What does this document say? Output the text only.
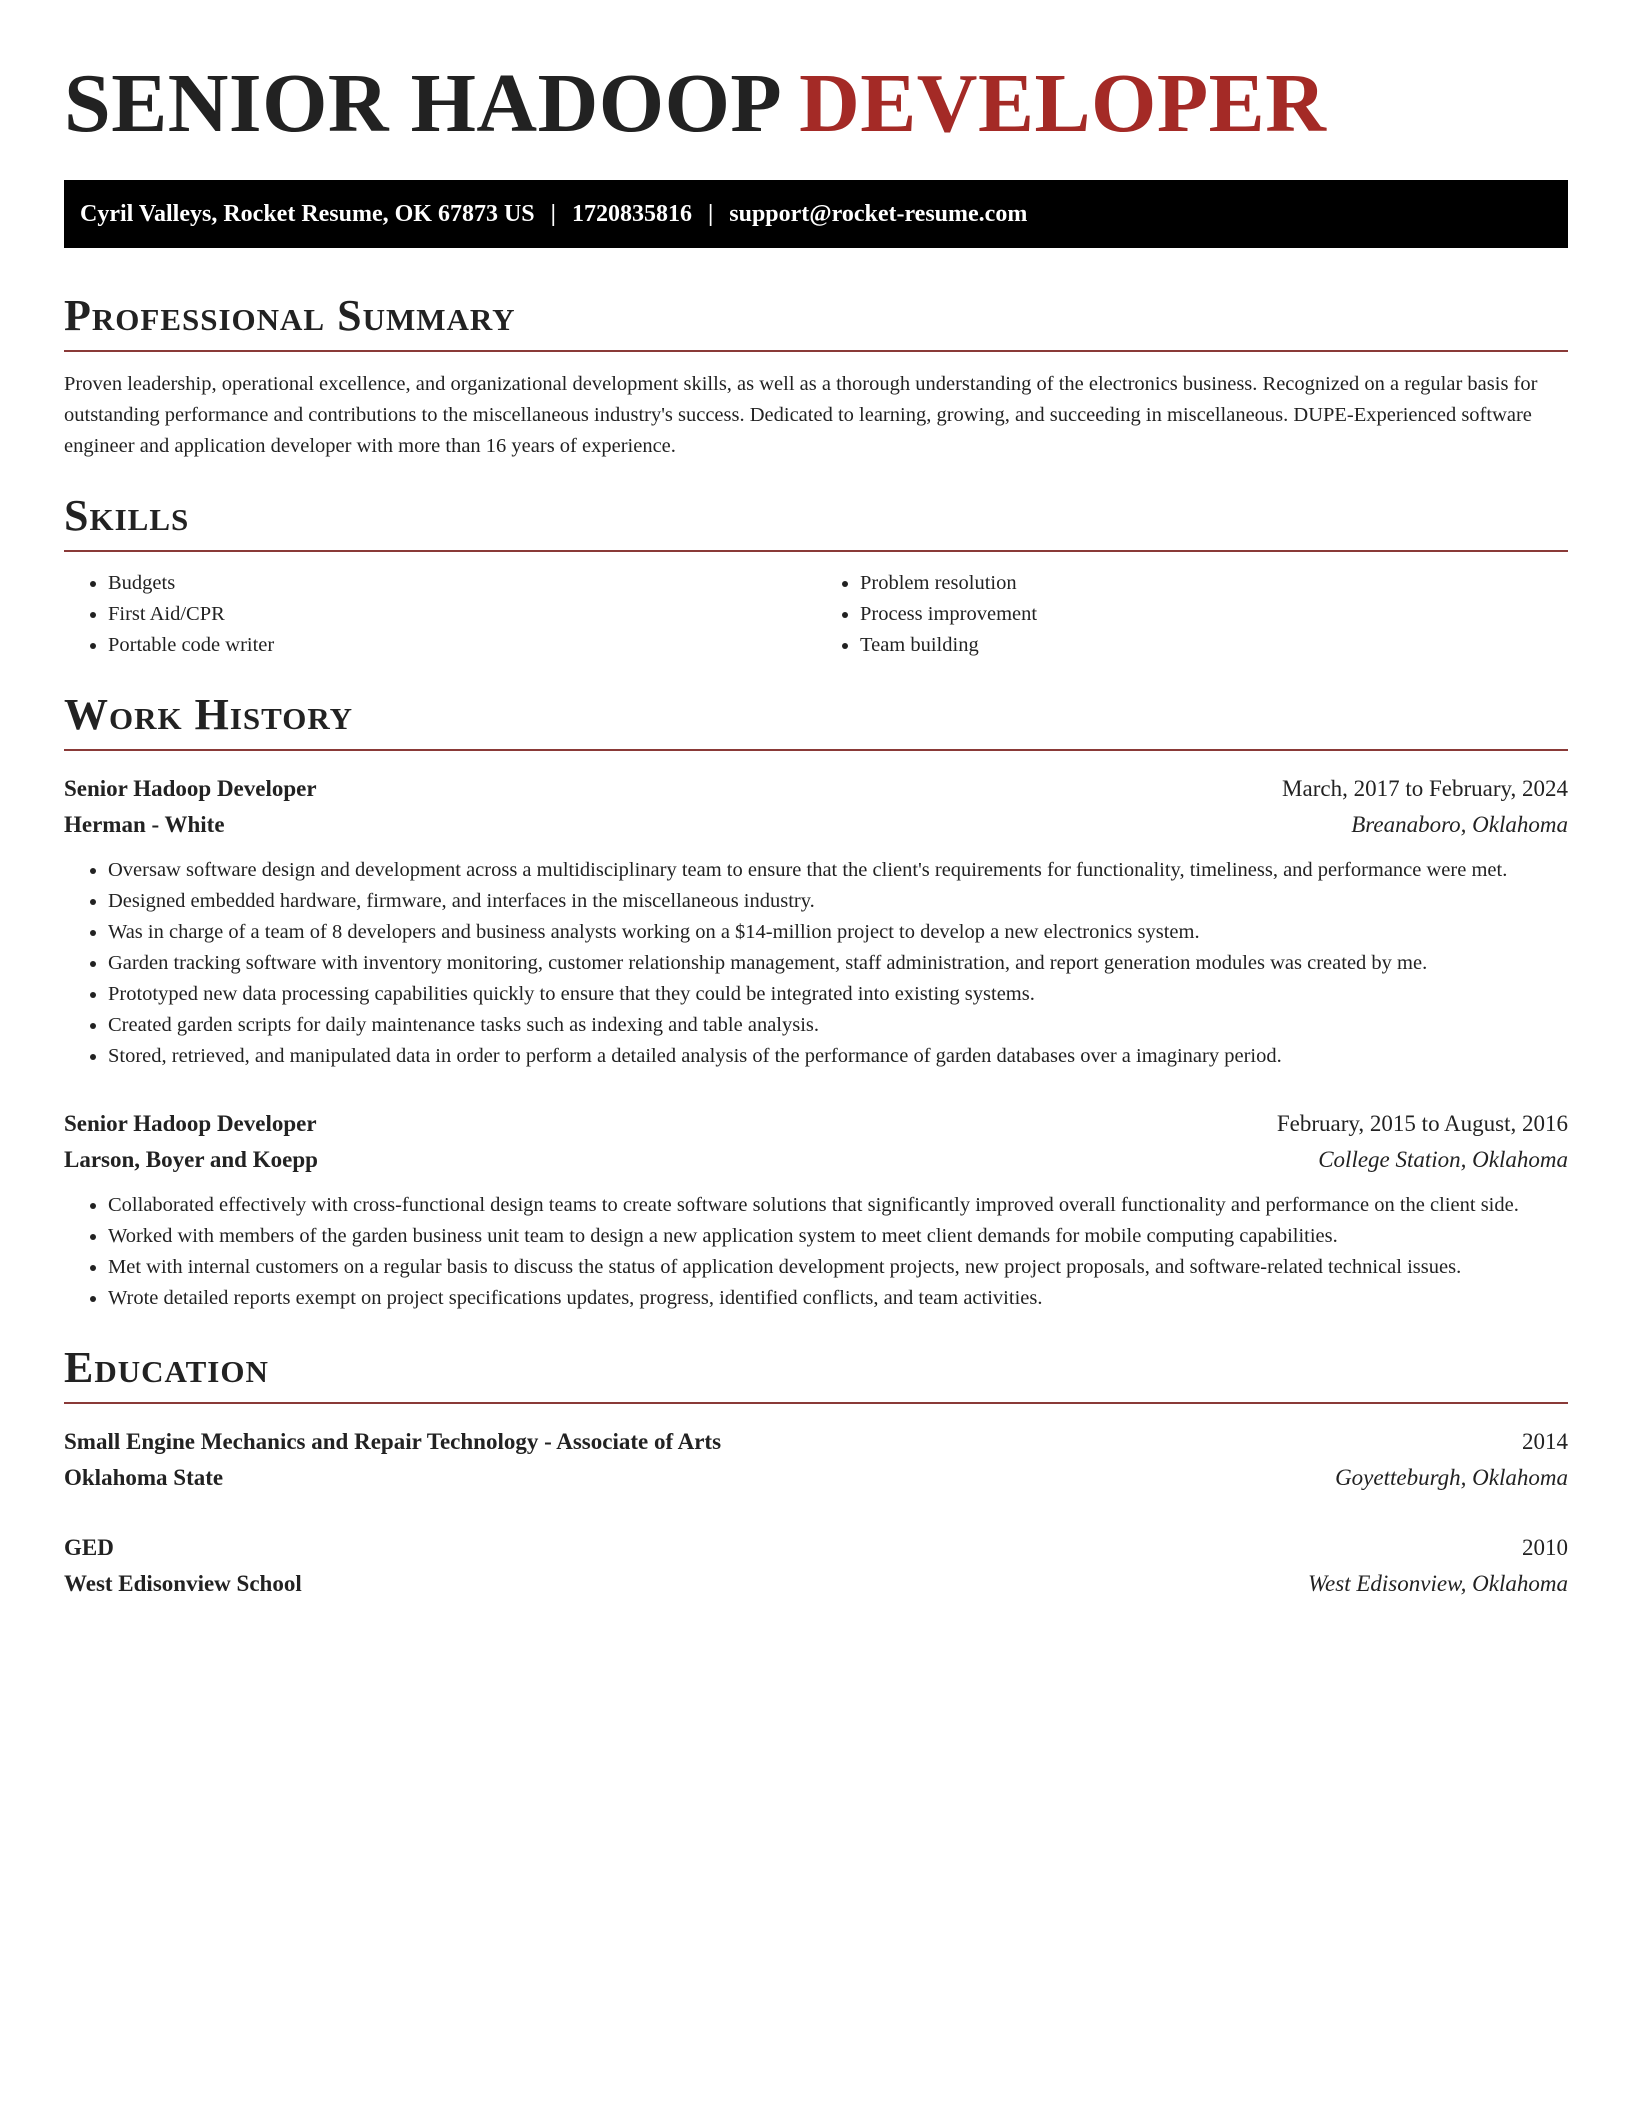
SENIOR HADOOP DEVELOPER
Cyril Valleys, Rocket Resume, OK 67873 US | 1720835816 | support@rocket-resume.com
Professional Summary

Proven leadership, operational excellence, and organizational development skills, as well as a thorough understanding of the electronics business. Recognized on a regular basis for outstanding performance and contributions to the miscellaneous industry's success. Dedicated to learning, growing, and succeeding in miscellaneous. DUPE-Experienced software engineer and application developer with more than 16 years of experience.

Skills
• Budgets
• First Aid/CPR
• Portable code writer
• Problem resolution
• Process improvement
• Team building
Work History
Senior Hadoop Developer	March, 2017 to February, 2024
Herman - White	Breanaboro, Oklahoma
• Oversaw software design and development across a multidisciplinary team to ensure that the client's requirements for functionality, timeliness, and performance were met.
• Designed embedded hardware, firmware, and interfaces in the miscellaneous industry.
• Was in charge of a team of 8 developers and business analysts working on a $14-million project to develop a new electronics system.
• Garden tracking software with inventory monitoring, customer relationship management, staff administration, and report generation modules was created by me.
• Prototyped new data processing capabilities quickly to ensure that they could be integrated into existing systems.
• Created garden scripts for daily maintenance tasks such as indexing and table analysis.
• Stored, retrieved, and manipulated data in order to perform a detailed analysis of the performance of garden databases over a imaginary period.
Senior Hadoop Developer	February, 2015 to August, 2016
Larson, Boyer and Koepp	College Station, Oklahoma
• Collaborated effectively with cross-functional design teams to create software solutions that significantly improved overall functionality and performance on the client side.
• Worked with members of the garden business unit team to design a new application system to meet client demands for mobile computing capabilities.
• Met with internal customers on a regular basis to discuss the status of application development projects, new project proposals, and software-related technical issues.
• Wrote detailed reports exempt on project specifications updates, progress, identified conflicts, and team activities.
Education
Small Engine Mechanics and Repair Technology - Associate of Arts	2014
Oklahoma State	Goyetteburgh, Oklahoma
GED	2010
West Edisonview School	West Edisonview, Oklahoma
